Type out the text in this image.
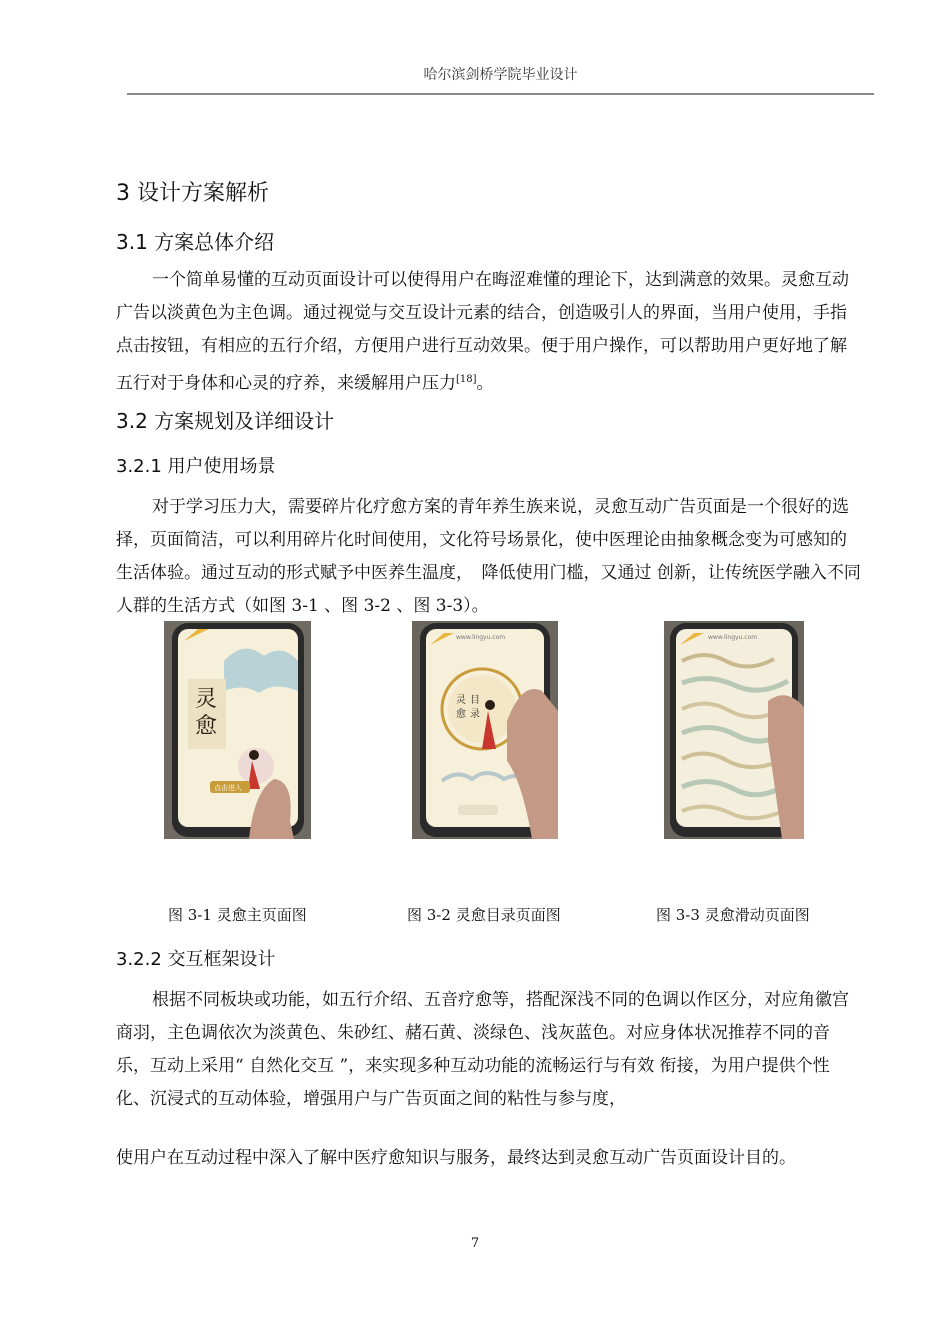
哈尔滨剑桥学院毕业设计
3 设计方案解析
3.1 方案总体介绍

一个简单易懂的互动页面设计可以使得用户在晦涩难懂的理论下，达到满意的效果。灵愈互动广告以淡黄色为主色调。通过视觉与交互设计元素的结合，创造吸引人的界面，当用户使用，手指点击按钮，有相应的五行介绍，方便用户进行互动效果。便于用户操作，可以帮助用户更好地了解五行对于身体和心灵的疗养，来缓解用户压力[18]。

3.2 方案规划及详细设计
3.2.1 用户使用场景

对于学习压力大，需要碎片化疗愈方案的青年养生族来说，灵愈互动广告页面是一个很好的选择，页面简洁，可以利用碎片化时间使用，文化符号场景化，使中医理论由抽象概念变为可感知的生活体验。通过互动的形式赋予中医养生温度，　降低使用门槛，又通过 创新，让传统医学融入不同人群的生活方式（如图 3-1 、图 3-2 、图 3-3）。

灵
愈
点击进入
www.lingyu.com
灵
愈
目
录
www.lingyu.com
图 3-1 灵愈主页面图	图 3-2 灵愈目录页面图	图 3-3 灵愈滑动页面图
3.2.2 交互框架设计

根据不同板块或功能，如五行介绍、五音疗愈等，搭配深浅不同的色调以作区分，对应角徽宫商羽，主色调依次为淡黄色、朱砂红、赭石黄、淡绿色、浅灰蓝色。对应身体状况推荐不同的音乐，互动上采用“ 自然化交互 ”，来实现多种互动功能的流畅运行与有效 衔接，为用户提供个性化、沉浸式的互动体验，增强用户与广告页面之间的粘性与参与度，

使用户在互动过程中深入了解中医疗愈知识与服务，最终达到灵愈互动广告页面设计目的。

7
